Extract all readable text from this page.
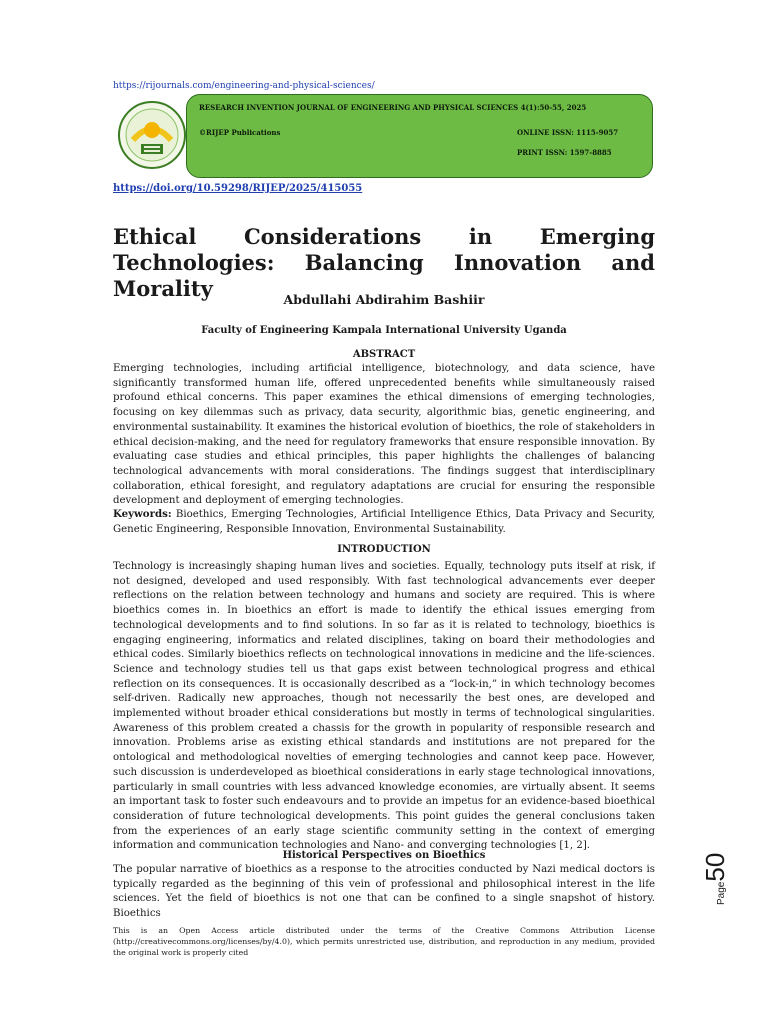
https://rijournals.com/engineering-and-physical-sciences/
RESEARCH INVENTION JOURNAL OF ENGINEERING AND PHYSICAL SCIENCES 4(1):50-55, 2025
©RIJEP Publications	ONLINE ISSN: 1115-9057
PRINT ISSN: 1597-8885
https://doi.org/10.59298/RIJEP/2025/415055
Ethical Considerations in Emerging Technologies: Balancing Innovation and Morality	Abdullahi Abdirahim Bashiir
Faculty of Engineering Kampala International University Uganda
ABSTRACT

Emerging technologies, including artificial intelligence, biotechnology, and data science, have significantly transformed human life, offered unprecedented benefits while simultaneously raised profound ethical concerns. This paper examines the ethical dimensions of emerging technologies, focusing on key dilemmas such as privacy, data security, algorithmic bias, genetic engineering, and environmental sustainability. It examines the historical evolution of bioethics, the role of stakeholders in ethical decision-making, and the need for regulatory frameworks that ensure responsible innovation. By evaluating case studies and ethical principles, this paper highlights the challenges of balancing technological advancements with moral considerations. The findings suggest that interdisciplinary collaboration, ethical foresight, and regulatory adaptations are crucial for ensuring the responsible development and deployment of emerging technologies.

Keywords: Bioethics, Emerging Technologies, Artificial Intelligence Ethics, Data Privacy and Security, Genetic Engineering, Responsible Innovation, Environmental Sustainability.

INTRODUCTION

Technology is increasingly shaping human lives and societies. Equally, technology puts itself at risk, if not designed, developed and used responsibly. With fast technological advancements ever deeper reflections on the relation between technology and humans and society are required. This is where bioethics comes in. In bioethics an effort is made to identify the ethical issues emerging from technological developments and to find solutions. In so far as it is related to technology, bioethics is engaging engineering, informatics and related disciplines, taking on board their methodologies and ethical codes. Similarly bioethics reflects on technological innovations in medicine and the life-sciences. Science and technology studies tell us that gaps exist between technological progress and ethical reflection on its consequences. It is occasionally described as a “lock-in,” in which technology becomes self-driven. Radically new approaches, though not necessarily the best ones, are developed and implemented without broader ethical considerations but mostly in terms of technological singularities. Awareness of this problem created a chassis for the growth in popularity of responsible research and innovation. Problems arise as existing ethical standards and institutions are not prepared for the ontological and methodological novelties of emerging technologies and cannot keep pace. However, such discussion is underdeveloped as bioethical considerations in early stage technological innovations, particularly in small countries with less advanced knowledge economies, are virtually absent. It seems an important task to foster such endeavours and to provide an impetus for an evidence-based bioethical consideration of future technological developments. This point guides the general conclusions taken from the experiences of an early stage scientific community setting in the context of emerging information and communication technologies and Nano- and converging technologies [1, 2].

Historical Perspectives on Bioethics

The popular narrative of bioethics as a response to the atrocities conducted by Nazi medical doctors is typically regarded as the beginning of this vein of professional and philosophical interest in the life sciences. Yet the field of bioethics is not one that can be confined to a single snapshot of history. Bioethics

Page50

This is an Open Access article distributed under the terms of the Creative Commons Attribution License (http://creativecommons.org/licenses/by/4.0), which permits unrestricted use, distribution, and reproduction in any medium, provided the original work is properly cited
